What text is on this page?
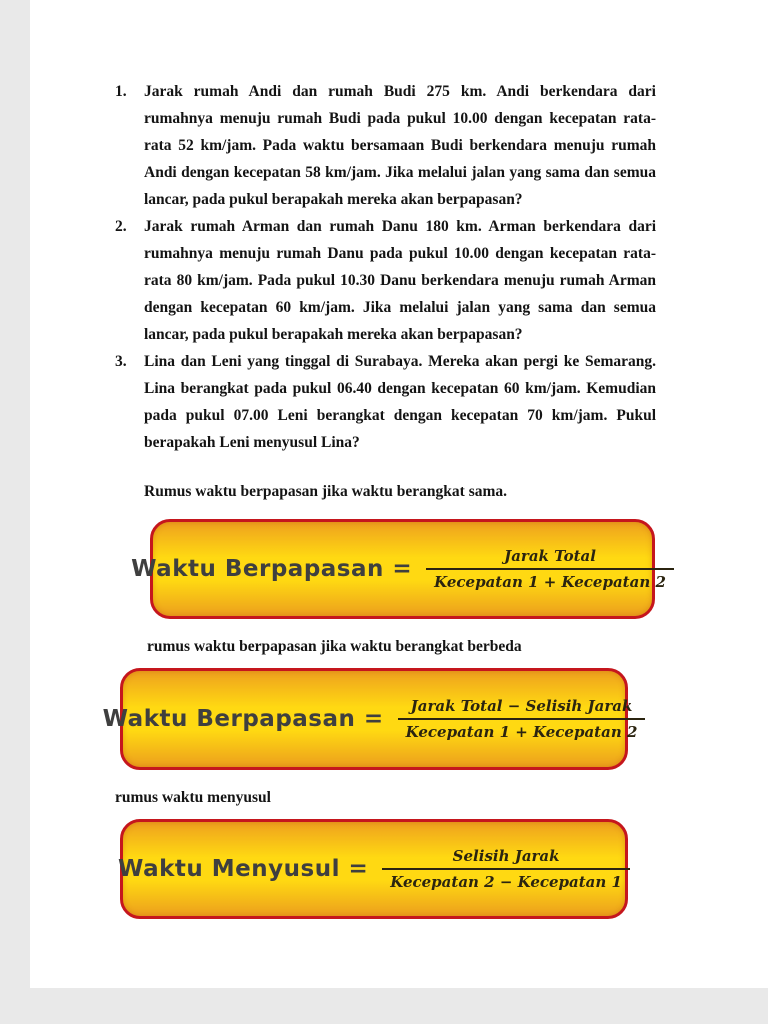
1.	Jarak rumah Andi dan rumah Budi 275 km. Andi berkendara dari rumahnya menuju rumah Budi pada pukul 10.00 dengan kecepatan rata-rata 52 km/jam. Pada waktu bersamaan Budi berkendara menuju rumah Andi dengan kecepatan 58 km/jam. Jika melalui jalan yang sama dan semua lancar, pada pukul berapakah mereka akan berpapasan?
2.	Jarak rumah Arman dan rumah Danu 180 km. Arman berkendara dari rumahnya menuju rumah Danu pada pukul 10.00 dengan kecepatan rata-rata 80 km/jam. Pada pukul 10.30 Danu berkendara menuju rumah Arman dengan kecepatan 60 km/jam. Jika melalui jalan yang sama dan semua lancar, pada pukul berapakah mereka akan berpapasan?
3.	Lina dan Leni yang tinggal di Surabaya. Mereka akan pergi ke Semarang. Lina berangkat pada pukul 06.40 dengan kecepatan 60 km/jam. Kemudian pada pukul 07.00 Leni berangkat dengan kecepatan 70 km/jam. Pukul berapakah Leni menyusul Lina?
Rumus waktu berpapasan jika waktu berangkat sama.
Waktu Berpapasan = $\frac{\text{Jarak Total}}{\text{Kecepatan 1 + Kecepatan 2}}$
rumus waktu berpapasan jika waktu berangkat berbeda
Waktu Berpapasan = $\frac{\text{Jarak Total − Selisih Jarak}}{\text{Kecepatan 1 + Kecepatan 2}}$
rumus waktu menyusul
Waktu Menyusul = $\frac{\text{Selisih Jarak}}{\text{Kecepatan 2 − Kecepatan 1}}$
